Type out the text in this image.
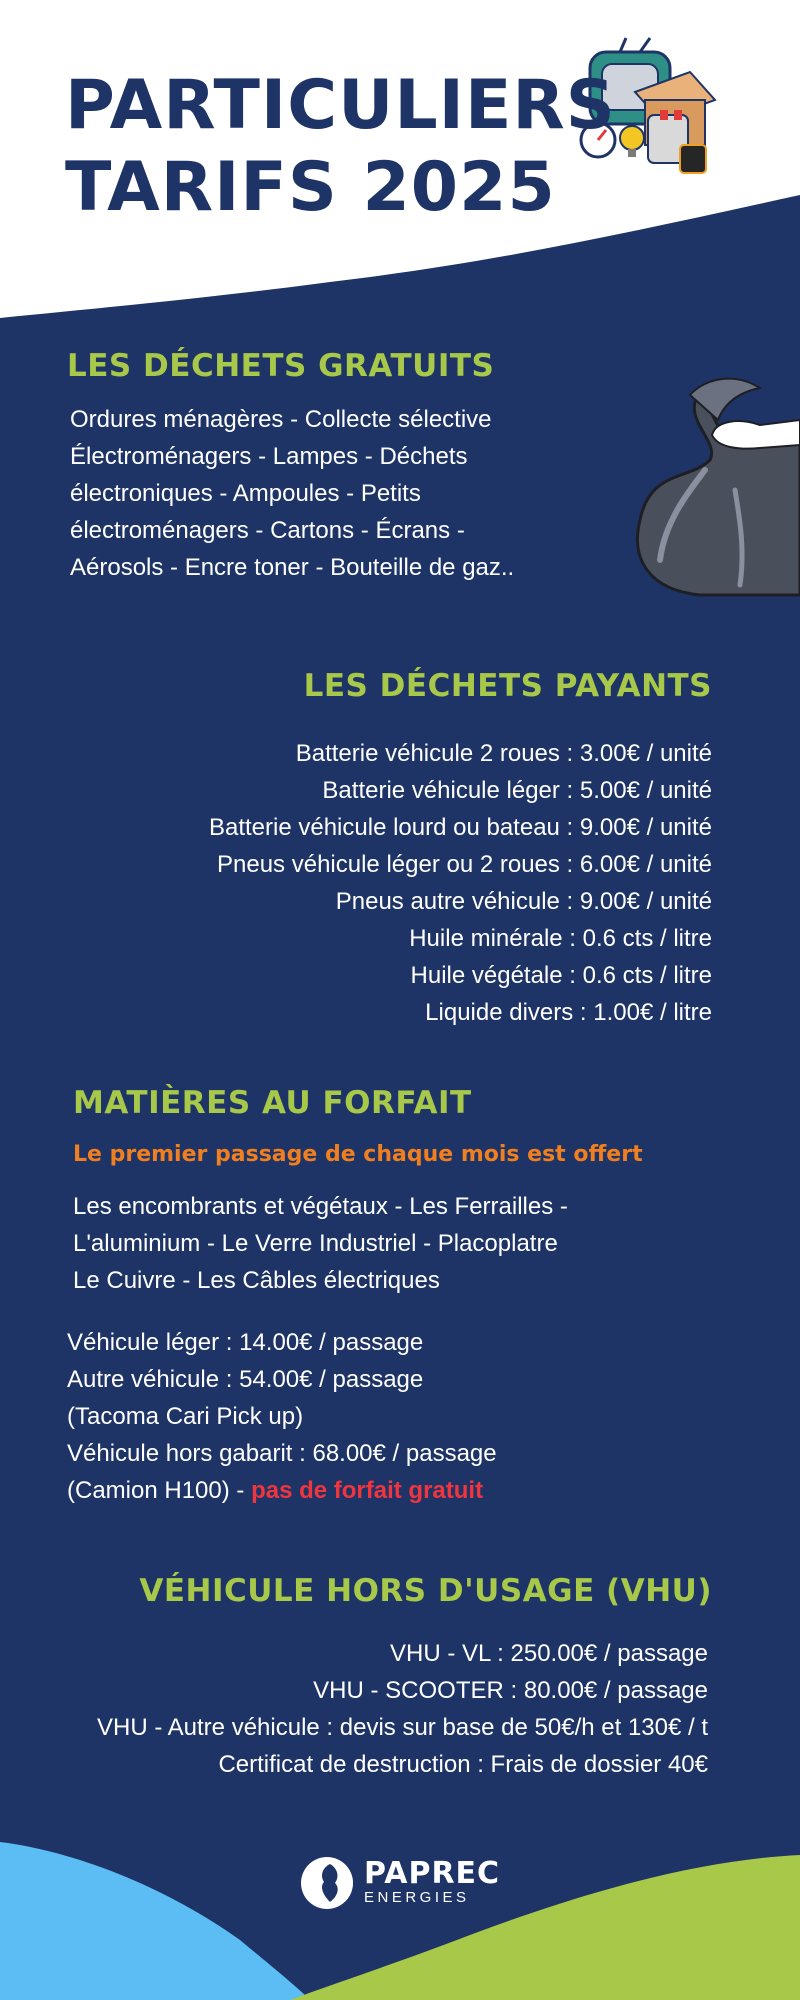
PARTICULIERS
TARIFS 2025
LES DÉCHETS GRATUITS
Ordures ménagères - Collecte sélective
Électroménagers - Lampes - Déchets
électroniques - Ampoules - Petits
électroménagers - Cartons - Écrans -
Aérosols - Encre toner - Bouteille de gaz..
LES DÉCHETS PAYANTS
Batterie véhicule 2 roues : 3.00€ / unité
Batterie véhicule léger : 5.00€ / unité
Batterie véhicule lourd ou bateau : 9.00€ / unité
Pneus véhicule léger ou 2 roues : 6.00€ / unité
Pneus autre véhicule : 9.00€ / unité
Huile minérale : 0.6 cts / litre
Huile végétale : 0.6 cts / litre
Liquide divers : 1.00€ / litre
MATIÈRES AU FORFAIT

Le premier passage de chaque mois est offert

Les encombrants et végétaux - Les Ferrailles -
L'aluminium - Le Verre Industriel - Placoplatre
Le Cuivre - Les Câbles électriques
Véhicule léger : 14.00€ / passage
Autre véhicule : 54.00€ / passage
(Tacoma Cari Pick up)
Véhicule hors gabarit : 68.00€ / passage
(Camion H100) - pas de forfait gratuit
VÉHICULE HORS D'USAGE (VHU)
VHU - VL : 250.00€ / passage
VHU - SCOOTER : 80.00€ / passage
VHU - Autre véhicule : devis sur base de 50€/h et 130€ / t
Certificat de destruction : Frais de dossier 40€
PAPREC
ENERGIES
